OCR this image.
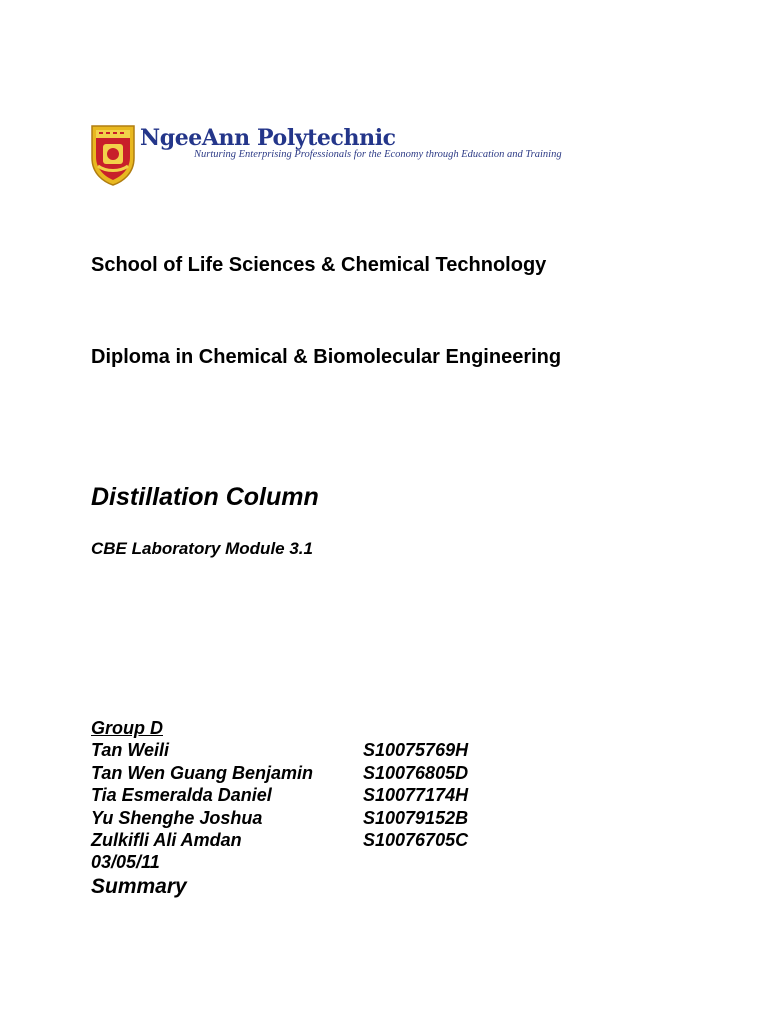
NgeeAnn Polytechnic
Nurturing Enterprising Professionals for the Economy through Education and Training
School of Life Sciences & Chemical Technology
Diploma in Chemical & Biomolecular Engineering
Distillation Column
CBE Laboratory Module 3.1
Group D
Tan Weili	S10075769H
Tan Wen Guang Benjamin	S10076805D
Tia Esmeralda Daniel	S10077174H
Yu Shenghe Joshua	S10079152B
Zulkifli Ali Amdan	S10076705C
03/05/11
Summary
